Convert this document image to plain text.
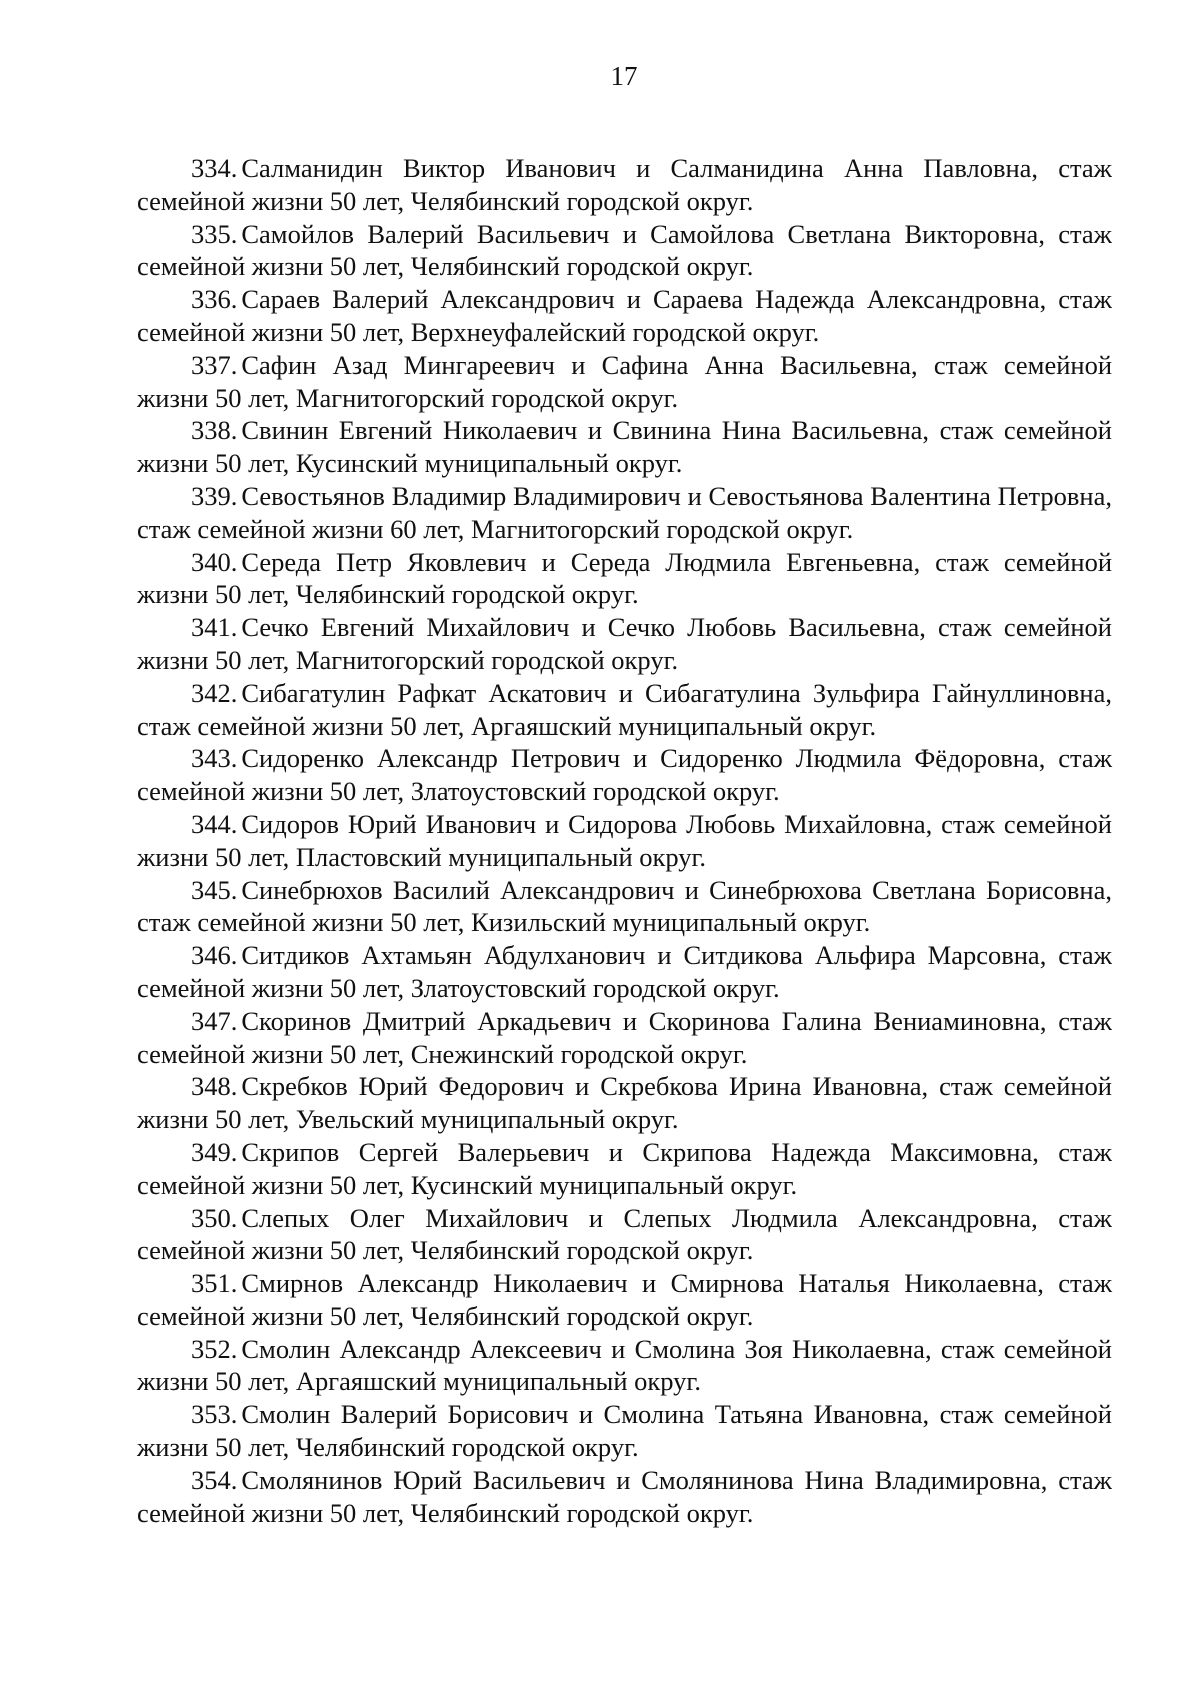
17

334. Салманидин Виктор Иванович и Салманидина Анна Павловна, стаж семейной жизни 50 лет, Челябинский городской округ.

335. Самойлов Валерий Васильевич и Самойлова Светлана Викторовна, стаж семейной жизни 50 лет, Челябинский городской округ.

336. Сараев Валерий Александрович и Сараева Надежда Александровна, стаж семейной жизни 50 лет, Верхнеуфалейский городской округ.

337. Сафин Азад Мингареевич и Сафина Анна Васильевна, стаж семейной жизни 50 лет, Магнитогорский городской округ.

338. Свинин Евгений Николаевич и Свинина Нина Васильевна, стаж семейной жизни 50 лет, Кусинский муниципальный округ.

339. Севостьянов Владимир Владимирович и Севостьянова Валентина Петровна, стаж семейной жизни 60 лет, Магнитогорский городской округ.

340. Середа Петр Яковлевич и Середа Людмила Евгеньевна, стаж семейной жизни 50 лет, Челябинский городской округ.

341. Сечко Евгений Михайлович и Сечко Любовь Васильевна, стаж семейной жизни 50 лет, Магнитогорский городской округ.

342. Сибагатулин Рафкат Аскатович и Сибагатулина Зульфира Гайнуллиновна, стаж семейной жизни 50 лет, Аргаяшский муниципальный округ.

343. Сидоренко Александр Петрович и Сидоренко Людмила Фёдоровна, стаж семейной жизни 50 лет, Златоустовский городской округ.

344. Сидоров Юрий Иванович и Сидорова Любовь Михайловна, стаж семейной жизни 50 лет, Пластовский муниципальный округ.

345. Синебрюхов Василий Александрович и Синебрюхова Светлана Борисовна, стаж семейной жизни 50 лет, Кизильский муниципальный округ.

346. Ситдиков Ахтамьян Абдулханович и Ситдикова Альфира Марсовна, стаж семейной жизни 50 лет, Златоустовский городской округ.

347. Скоринов Дмитрий Аркадьевич и Скоринова Галина Вениаминовна, стаж семейной жизни 50 лет, Снежинский городской округ.

348. Скребков Юрий Федорович и Скребкова Ирина Ивановна, стаж семейной жизни 50 лет, Увельский муниципальный округ.

349. Скрипов Сергей Валерьевич и Скрипова Надежда Максимовна, стаж семейной жизни 50 лет, Кусинский муниципальный округ.

350. Слепых Олег Михайлович и Слепых Людмила Александровна, стаж семейной жизни 50 лет, Челябинский городской округ.

351. Смирнов Александр Николаевич и Смирнова Наталья Николаевна, стаж семейной жизни 50 лет, Челябинский городской округ.

352. Смолин Александр Алексеевич и Смолина Зоя Николаевна, стаж семейной жизни 50 лет, Аргаяшский муниципальный округ.

353. Смолин Валерий Борисович и Смолина Татьяна Ивановна, стаж семейной жизни 50 лет, Челябинский городской округ.

354. Смолянинов Юрий Васильевич и Смолянинова Нина Владимировна, стаж семейной жизни 50 лет, Челябинский городской округ.
